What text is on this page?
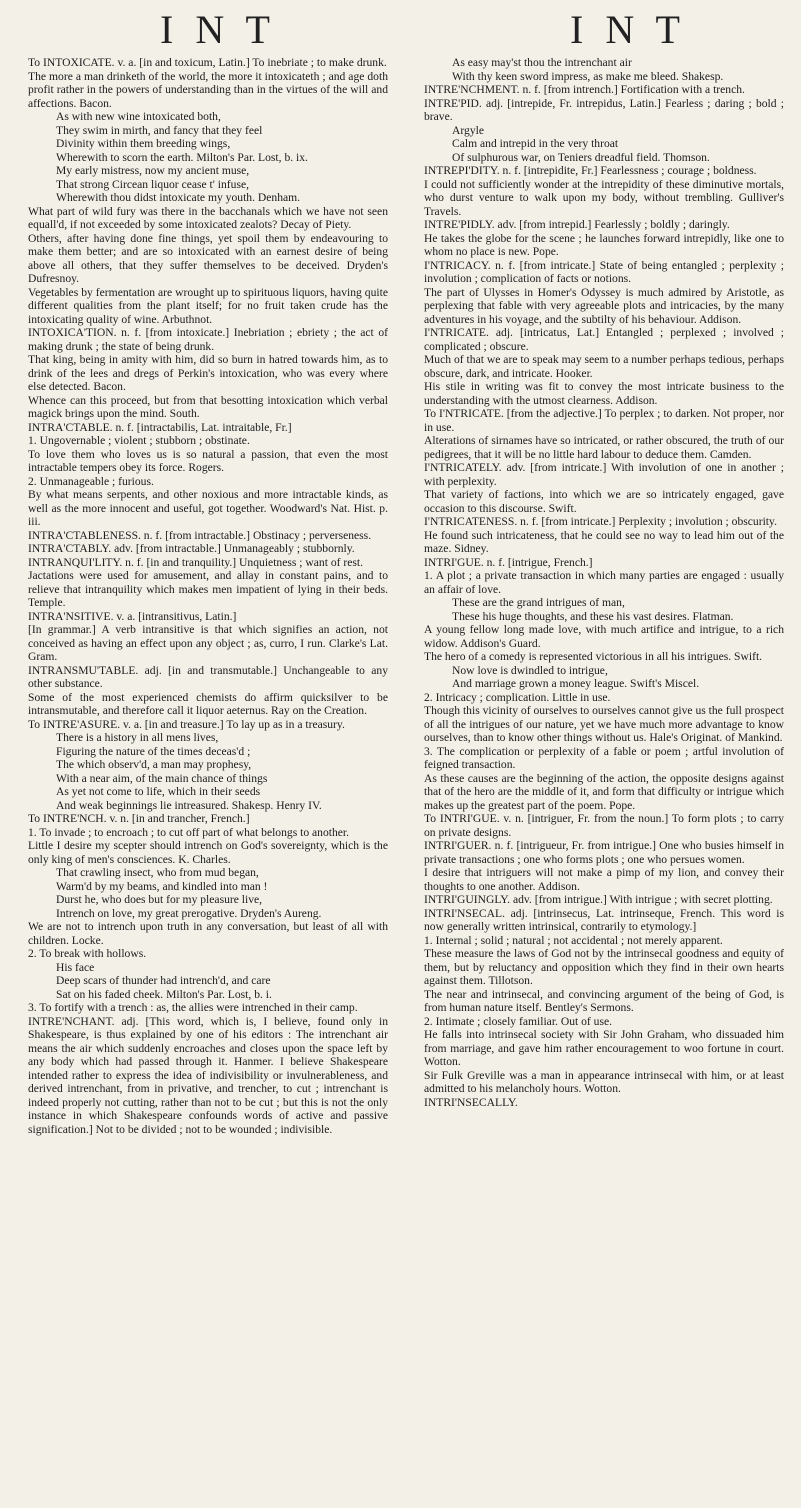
I N T	I N T

To INTOXICATE. v. a. [in and toxicum, Latin.] To inebriate ; to make drunk.

The more a man drinketh of the world, the more it intoxicateth ; and age doth profit rather in the powers of understanding than in the virtues of the will and affections. Bacon.

As with new wine intoxicated both,

They swim in mirth, and fancy that they feel

Divinity within them breeding wings,

Wherewith to scorn the earth. Milton's Par. Lost, b. ix.

My early mistress, now my ancient muse,

That strong Circean liquor cease t' infuse,

Wherewith thou didst intoxicate my youth. Denham.

What part of wild fury was there in the bacchanals which we have not seen equall'd, if not exceeded by some intoxicated zealots? Decay of Piety.

Others, after having done fine things, yet spoil them by endeavouring to make them better; and are so intoxicated with an earnest desire of being above all others, that they suffer themselves to be deceived. Dryden's Dufresnoy.

Vegetables by fermentation are wrought up to spirituous liquors, having quite different qualities from the plant itself; for no fruit taken crude has the intoxicating quality of wine. Arbuthnot.

INTOXICA'TION. n. f. [from intoxicate.] Inebriation ; ebriety ; the act of making drunk ; the state of being drunk.

That king, being in amity with him, did so burn in hatred towards him, as to drink of the lees and dregs of Perkin's intoxication, who was every where else detected. Bacon.

Whence can this proceed, but from that besotting intoxication which verbal magick brings upon the mind. South.

INTRA'CTABLE. n. f. [intractabilis, Lat. intraitable, Fr.]

1. Ungovernable ; violent ; stubborn ; obstinate.

To love them who loves us is so natural a passion, that even the most intractable tempers obey its force. Rogers.

2. Unmanageable ; furious.

By what means serpents, and other noxious and more intractable kinds, as well as the more innocent and useful, got together. Woodward's Nat. Hist. p. iii.

INTRA'CTABLENESS. n. f. [from intractable.] Obstinacy ; perverseness.

INTRA'CTABLY. adv. [from intractable.] Unmanageably ; stubbornly.

INTRANQUI'LITY. n. f. [in and tranquility.] Unquietness ; want of rest.

Jactations were used for amusement, and allay in constant pains, and to relieve that intranquility which makes men impatient of lying in their beds. Temple.

INTRA'NSITIVE. v. a. [intransitivus, Latin.]

[In grammar.] A verb intransitive is that which signifies an action, not conceived as having an effect upon any object ; as, curro, I run. Clarke's Lat. Gram.

INTRANSMU'TABLE. adj. [in and transmutable.] Unchangeable to any other substance.

Some of the most experienced chemists do affirm quicksilver to be intransmutable, and therefore call it liquor aeternus. Ray on the Creation.

To INTRE'ASURE. v. a. [in and treasure.] To lay up as in a treasury.

There is a history in all mens lives,

Figuring the nature of the times deceas'd ;

The which observ'd, a man may prophesy,

With a near aim, of the main chance of things

As yet not come to life, which in their seeds

And weak beginnings lie intreasured. Shakesp. Henry IV.

To INTRE'NCH. v. n. [in and trancher, French.]

1. To invade ; to encroach ; to cut off part of what belongs to another.

Little I desire my scepter should intrench on God's sovereignty, which is the only king of men's consciences. K. Charles.

That crawling insect, who from mud began,

Warm'd by my beams, and kindled into man !

Durst he, who does but for my pleasure live,

Intrench on love, my great prerogative. Dryden's Aureng.

We are not to intrench upon truth in any conversation, but least of all with children. Locke.

2. To break with hollows.

His face

Deep scars of thunder had intrench'd, and care

Sat on his faded cheek. Milton's Par. Lost, b. i.

3. To fortify with a trench : as, the allies were intrenched in their camp.

INTRE'NCHANT. adj. [This word, which is, I believe, found only in Shakespeare, is thus explained by one of his editors : The intrenchant air means the air which suddenly encroaches and closes upon the space left by any body which had passed through it. Hanmer. I believe Shakespeare intended rather to express the idea of indivisibility or invulnerableness, and derived intrenchant, from in privative, and trencher, to cut ; intrenchant is indeed properly not cutting, rather than not to be cut ; but this is not the only instance in which Shakespeare confounds words of active and passive signification.] Not to be divided ; not to be wounded ; indivisible.

As easy may'st thou the intrenchant air

With thy keen sword impress, as make me bleed. Shakesp.

INTRE'NCHMENT. n. f. [from intrench.] Fortification with a trench.

INTRE'PID. adj. [intrepide, Fr. intrepidus, Latin.] Fearless ; daring ; bold ; brave.

Argyle

Calm and intrepid in the very throat

Of sulphurous war, on Teniers dreadful field. Thomson.

INTREPI'DITY. n. f. [intrepidite, Fr.] Fearlessness ; courage ; boldness.

I could not sufficiently wonder at the intrepidity of these diminutive mortals, who durst venture to walk upon my body, without trembling. Gulliver's Travels.

INTRE'PIDLY. adv. [from intrepid.] Fearlessly ; boldly ; daringly.

He takes the globe for the scene ; he launches forward intrepidly, like one to whom no place is new. Pope.

I'NTRICACY. n. f. [from intricate.] State of being entangled ; perplexity ; involution ; complication of facts or notions.

The part of Ulysses in Homer's Odyssey is much admired by Aristotle, as perplexing that fable with very agreeable plots and intricacies, by the many adventures in his voyage, and the subtilty of his behaviour. Addison.

I'NTRICATE. adj. [intricatus, Lat.] Entangled ; perplexed ; involved ; complicated ; obscure.

Much of that we are to speak may seem to a number perhaps tedious, perhaps obscure, dark, and intricate. Hooker.

His stile in writing was fit to convey the most intricate business to the understanding with the utmost clearness. Addison.

To I'NTRICATE. [from the adjective.] To perplex ; to darken. Not proper, nor in use.

Alterations of sirnames have so intricated, or rather obscured, the truth of our pedigrees, that it will be no little hard labour to deduce them. Camden.

I'NTRICATELY. adv. [from intricate.] With involution of one in another ; with perplexity.

That variety of factions, into which we are so intricately engaged, gave occasion to this discourse. Swift.

I'NTRICATENESS. n. f. [from intricate.] Perplexity ; involution ; obscurity.

He found such intricateness, that he could see no way to lead him out of the maze. Sidney.

INTRI'GUE. n. f. [intrigue, French.]

1. A plot ; a private transaction in which many parties are engaged : usually an affair of love.

These are the grand intrigues of man,

These his huge thoughts, and these his vast desires. Flatman.

A young fellow long made love, with much artifice and intrigue, to a rich widow. Addison's Guard.

The hero of a comedy is represented victorious in all his intrigues. Swift.

Now love is dwindled to intrigue,

And marriage grown a money league. Swift's Miscel.

2. Intricacy ; complication. Little in use.

Though this vicinity of ourselves to ourselves cannot give us the full prospect of all the intrigues of our nature, yet we have much more advantage to know ourselves, than to know other things without us. Hale's Originat. of Mankind.

3. The complication or perplexity of a fable or poem ; artful involution of feigned transaction.

As these causes are the beginning of the action, the opposite designs against that of the hero are the middle of it, and form that difficulty or intrigue which makes up the greatest part of the poem. Pope.

To INTRI'GUE. v. n. [intriguer, Fr. from the noun.] To form plots ; to carry on private designs.

INTRI'GUER. n. f. [intrigueur, Fr. from intrigue.] One who busies himself in private transactions ; one who forms plots ; one who persues women.

I desire that intriguers will not make a pimp of my lion, and convey their thoughts to one another. Addison.

INTRI'GUINGLY. adv. [from intrigue.] With intrigue ; with secret plotting.

INTRI'NSECAL. adj. [intrinsecus, Lat. intrinseque, French. This word is now generally written intrinsical, contrarily to etymology.]

1. Internal ; solid ; natural ; not accidental ; not merely apparent.

These measure the laws of God not by the intrinsecal goodness and equity of them, but by reluctancy and opposition which they find in their own hearts against them. Tillotson.

The near and intrinsecal, and convincing argument of the being of God, is from human nature itself. Bentley's Sermons.

2. Intimate ; closely familiar. Out of use.

He falls into intrinsecal society with Sir John Graham, who dissuaded him from marriage, and gave him rather encouragement to woo fortune in court. Wotton.

Sir Fulk Greville was a man in appearance intrinsecal with him, or at least admitted to his melancholy hours. Wotton.

INTRI'NSECALLY.
